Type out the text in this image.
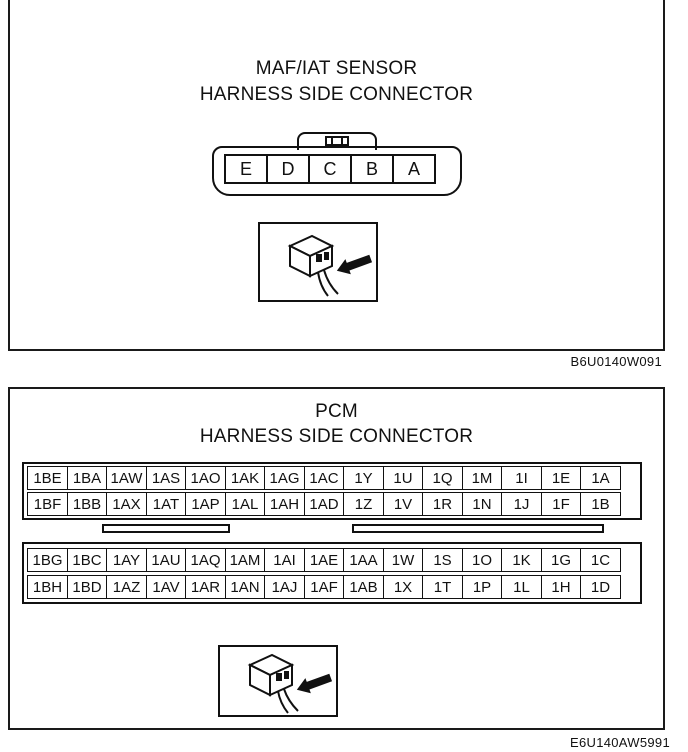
MAF/IAT SENSOR
HARNESS SIDE CONNECTOR
E	D	C	B	A
B6U0140W091
PCM
HARNESS SIDE CONNECTOR
1BE 1BA 1AW 1AS 1AO 1AK 1AG 1AC	1Y	1U	1Q	1M	1I	1E	1A
1BF 1BB 1AX 1AT 1AP 1AL 1AH 1AD	1Z	1V	1R	1N	1J	1F	1B
1BG 1BC 1AY 1AU 1AQ 1AM 1AI 1AE 1AA 1W	1S	1O	1K	1G	1C
1BH 1BD 1AZ 1AV 1AR 1AN 1AJ 1AF 1AB	1X	1T	1P	1L	1H	1D
E6U140AW5991
